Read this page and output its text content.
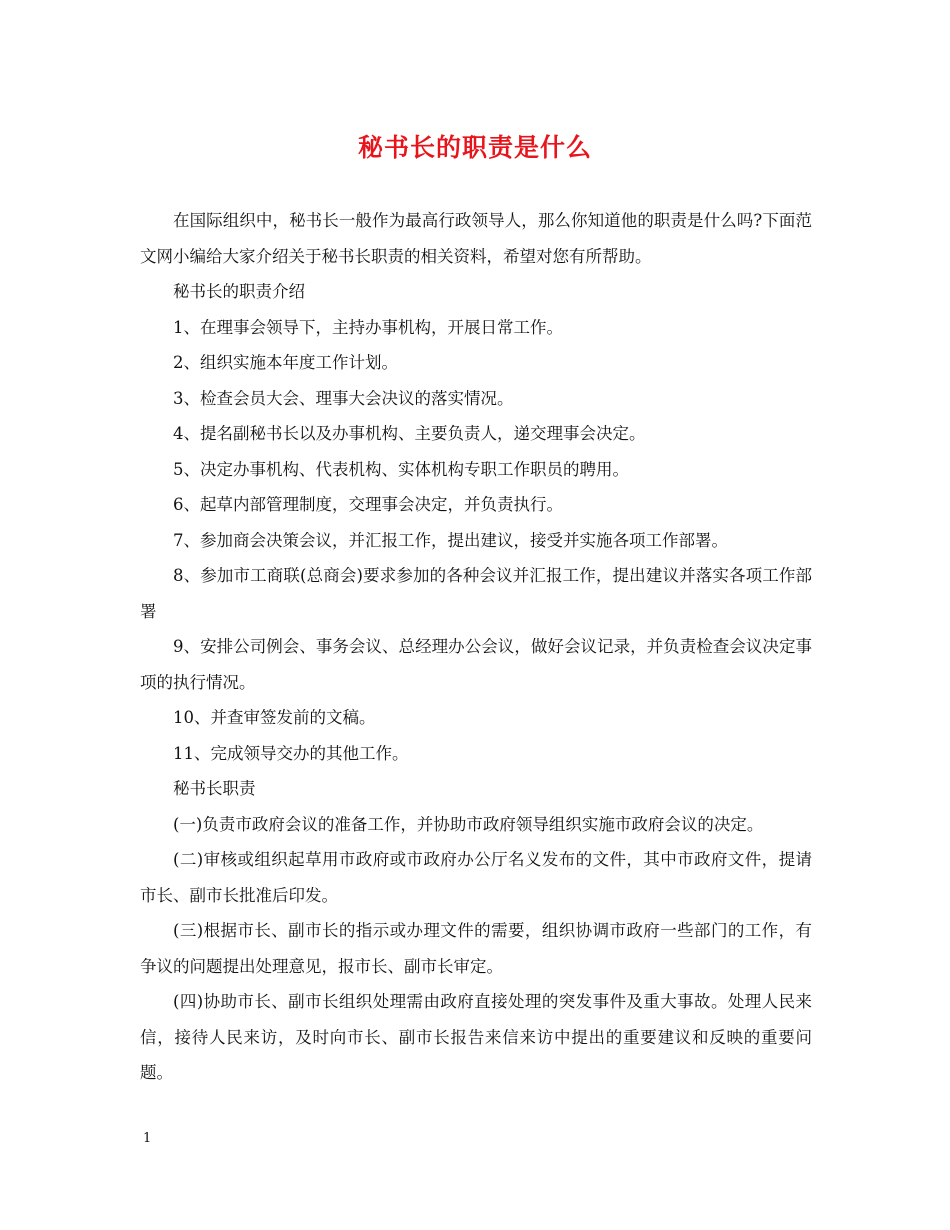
秘书长的职责是什么

在国际组织中，秘书长一般作为最高行政领导人，那么你知道他的职责是什么吗?下面范文网小编给大家介绍关于秘书长职责的相关资料，希望对您有所帮助。

秘书长的职责介绍

1、在理事会领导下，主持办事机构，开展日常工作。

2、组织实施本年度工作计划。

3、检查会员大会、理事大会决议的落实情况。

4、提名副秘书长以及办事机构、主要负责人，递交理事会决定。

5、决定办事机构、代表机构、实体机构专职工作职员的聘用。

6、起草内部管理制度，交理事会决定，并负责执行。

7、参加商会决策会议，并汇报工作，提出建议，接受并实施各项工作部署。

8、参加市工商联(总商会)要求参加的各种会议并汇报工作，提出建议并落实各项工作部署

9、安排公司例会、事务会议、总经理办公会议，做好会议记录，并负责检查会议决定事项的执行情况。

10、并查审签发前的文稿。

11、完成领导交办的其他工作。

秘书长职责

(一)负责市政府会议的准备工作，并协助市政府领导组织实施市政府会议的决定。

(二)审核或组织起草用市政府或市政府办公厅名义发布的文件，其中市政府文件，提请市长、副市长批准后印发。

(三)根据市长、副市长的指示或办理文件的需要，组织协调市政府一些部门的工作，有争议的问题提出处理意见，报市长、副市长审定。

(四)协助市长、副市长组织处理需由政府直接处理的突发事件及重大事故。处理人民来信，接待人民来访，及时向市长、副市长报告来信来访中提出的重要建议和反映的重要问题。

1
